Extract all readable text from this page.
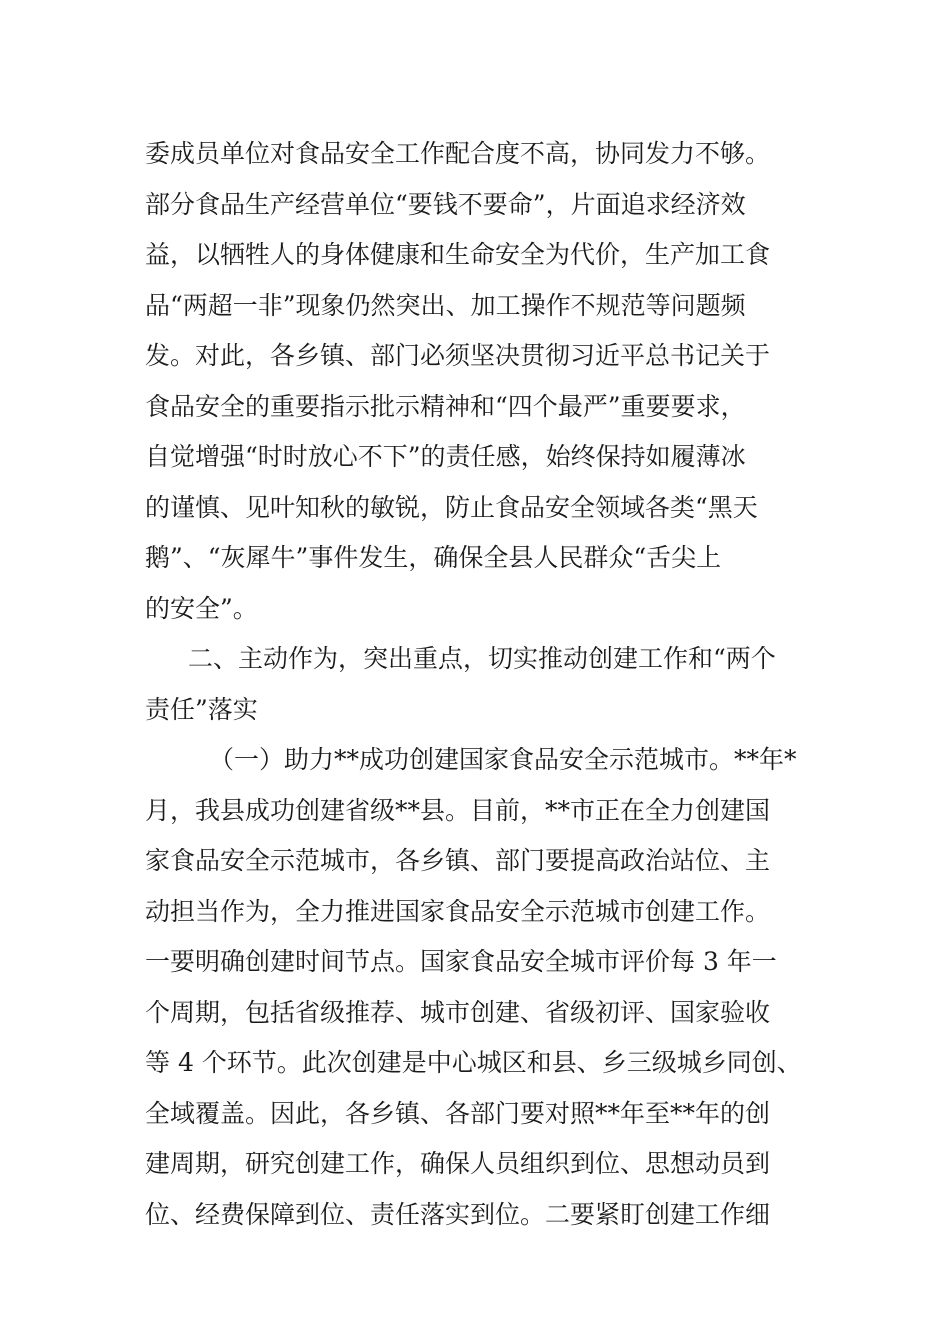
委成员单位对食品安全工作配合度不高，协同发力不够。
部分食品生产经营单位“要钱不要命”，片面追求经济效
益，以牺牲人的身体健康和生命安全为代价，生产加工食
品“两超一非”现象仍然突出、加工操作不规范等问题频
发。对此，各乡镇、部门必须坚决贯彻习近平总书记关于
食品安全的重要指示批示精神和“四个最严”重要要求，
自觉增强“时时放心不下”的责任感，始终保持如履薄冰
的谨慎、见叶知秋的敏锐，防止食品安全领域各类“黑天
鹅”、“灰犀牛”事件发生，确保全县人民群众“舌尖上
的安全”。
二、主动作为，突出重点，切实推动创建工作和“两个
责任”落实
（一）助力**成功创建国家食品安全示范城市。**年*
月，我县成功创建省级**县。目前，**市正在全力创建国
家食品安全示范城市，各乡镇、部门要提高政治站位、主
动担当作为，全力推进国家食品安全示范城市创建工作。
一要明确创建时间节点。国家食品安全城市评价每 3 年一
个周期，包括省级推荐、城市创建、省级初评、国家验收
等 4 个环节。此次创建是中心城区和县、乡三级城乡同创、
全域覆盖。因此，各乡镇、各部门要对照**年至**年的创
建周期，研究创建工作，确保人员组织到位、思想动员到
位、经费保障到位、责任落实到位。二要紧盯创建工作细
